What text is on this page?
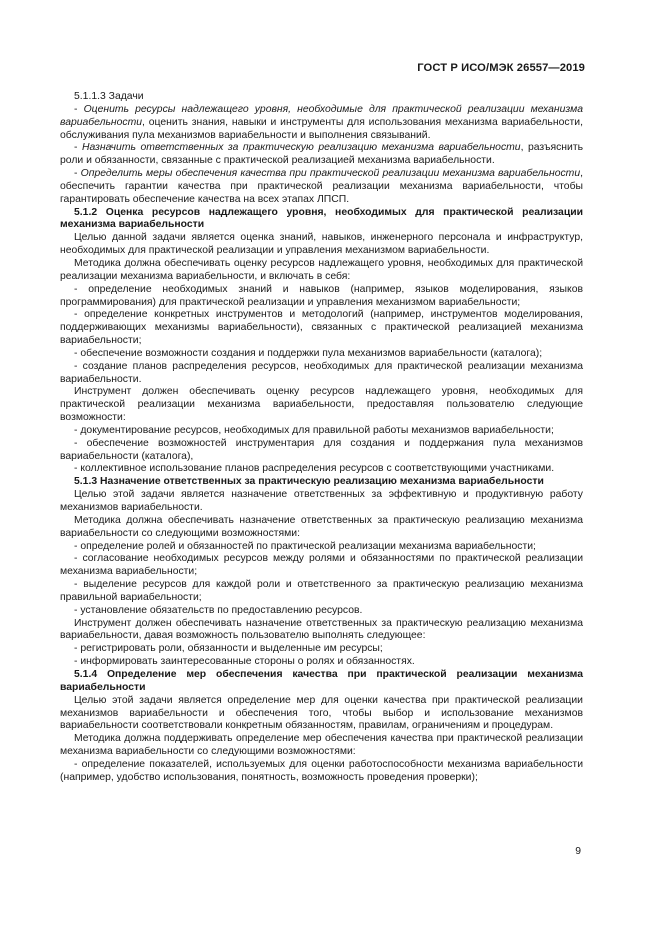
ГОСТ Р ИСО/МЭК 26557—2019

5.1.1.3 Задачи

- Оценить ресурсы надлежащего уровня, необходимые для практической реализации механизма вариабельности, оценить знания, навыки и инструменты для использования механизма вариабельности, обслуживания пула механизмов вариабельности и выполнения связываний.

- Назначить ответственных за практическую реализацию механизма вариабельности, разъяснить роли и обязанности, связанные с практической реализацией механизма вариабельности.

- Определить меры обеспечения качества при практической реализации механизма вариабельности, обеспечить гарантии качества при практической реализации механизма вариабельности, чтобы гарантировать обеспечение качества на всех этапах ЛПСП.

5.1.2 Оценка ресурсов надлежащего уровня, необходимых для практической реализации механизма вариабельности

Целью данной задачи является оценка знаний, навыков, инженерного персонала и инфраструктур, необходимых для практической реализации и управления механизмом вариабельности.

Методика должна обеспечивать оценку ресурсов надлежащего уровня, необходимых для практической реализации механизма вариабельности, и включать в себя:

- определение необходимых знаний и навыков (например, языков моделирования, языков программирования) для практической реализации и управления механизмом вариабельности;

- определение конкретных инструментов и методологий (например, инструментов моделирования, поддерживающих механизмы вариабельности), связанных с практической реализацией механизма вариабельности;

- обеспечение возможности создания и поддержки пула механизмов вариабельности (каталога);

- создание планов распределения ресурсов, необходимых для практической реализации механизма вариабельности.

Инструмент должен обеспечивать оценку ресурсов надлежащего уровня, необходимых для практической реализации механизма вариабельности, предоставляя пользователю следующие возможности:

- документирование ресурсов, необходимых для правильной работы механизмов вариабельности;

- обеспечение возможностей инструментария для создания и поддержания пула механизмов вариабельности (каталога),

- коллективное использование планов распределения ресурсов с соответствующими участниками.

5.1.3 Назначение ответственных за практическую реализацию механизма вариабельности

Целью этой задачи является назначение ответственных за эффективную и продуктивную работу механизмов вариабельности.

Методика должна обеспечивать назначение ответственных за практическую реализацию механизма вариабельности со следующими возможностями:

- определение ролей и обязанностей по практической реализации механизма вариабельности;

- согласование необходимых ресурсов между ролями и обязанностями по практической реализации механизма вариабельности;

- выделение ресурсов для каждой роли и ответственного за практическую реализацию механизма правильной вариабельности;

- установление обязательств по предоставлению ресурсов.

Инструмент должен обеспечивать назначение ответственных за практическую реализацию механизма вариабельности, давая возможность пользователю выполнять следующее:

- регистрировать роли, обязанности и выделенные им ресурсы;

- информировать заинтересованные стороны о ролях и обязанностях.

5.1.4 Определение мер обеспечения качества при практической реализации механизма вариабельности

Целью этой задачи является определение мер для оценки качества при практической реализации механизмов вариабельности и обеспечения того, чтобы выбор и использование механизмов вариабельности соответствовали конкретным обязанностям, правилам, ограничениям и процедурам.

Методика должна поддерживать определение мер обеспечения качества при практической реализации механизма вариабельности со следующими возможностями:

- определение показателей, используемых для оценки работоспособности механизма вариабельности (например, удобство использования, понятность, возможность проведения проверки);

9
